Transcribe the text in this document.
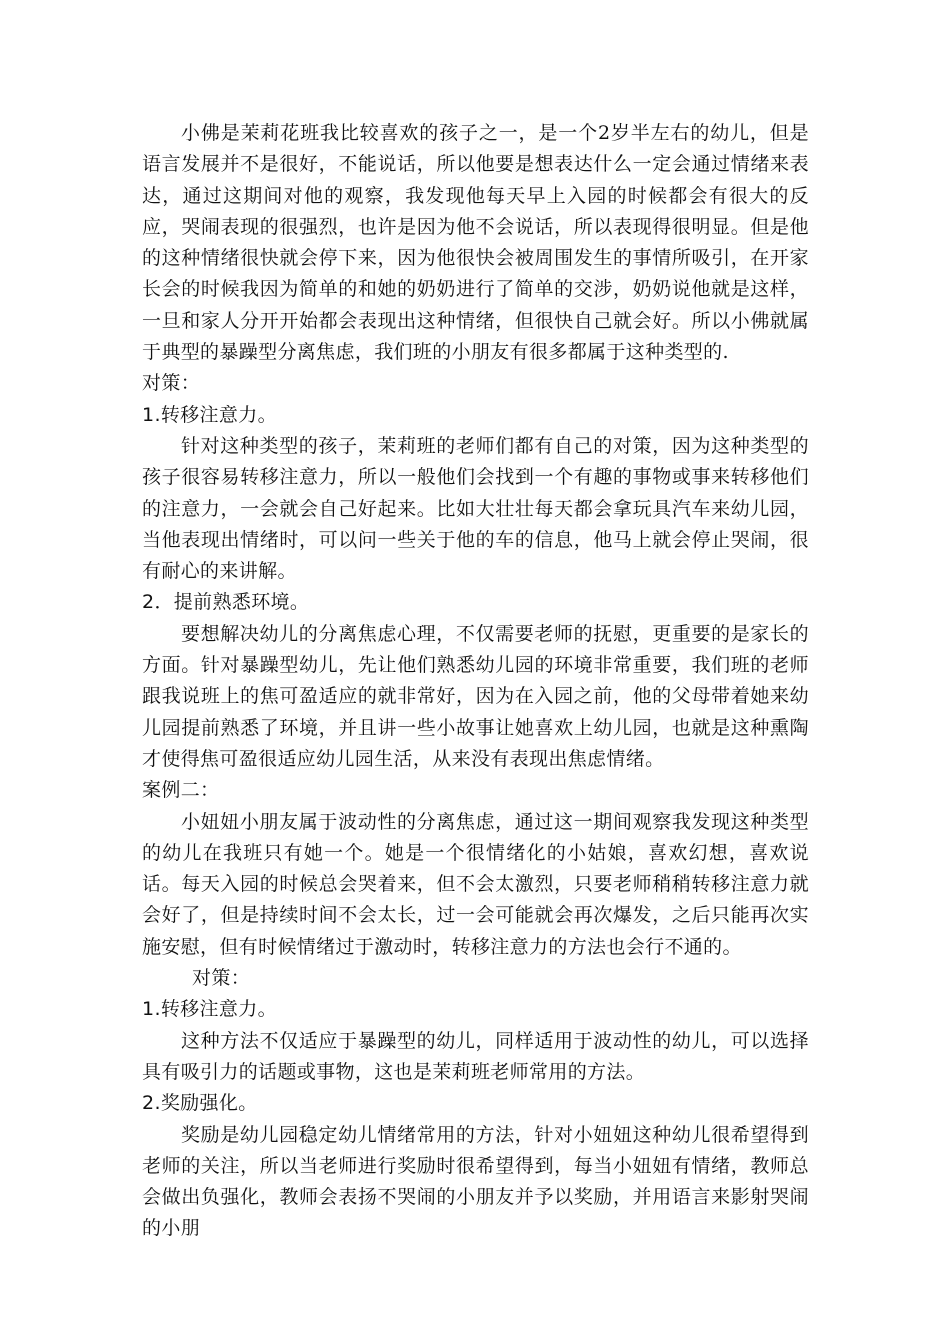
小佛是茉莉花班我比较喜欢的孩子之一，是一个2岁半左右的幼儿，但是语言发展并不是很好，不能说话，所以他要是想表达什么一定会通过情绪来表达，通过这期间对他的观察，我发现他每天早上入园的时候都会有很大的反应，哭闹表现的很强烈，也许是因为他不会说话，所以表现得很明显。但是他的这种情绪很快就会停下来，因为他很快会被周围发生的事情所吸引，在开家长会的时候我因为简单的和她的奶奶进行了简单的交涉，奶奶说他就是这样，一旦和家人分开开始都会表现出这种情绪，但很快自己就会好。所以小佛就属于典型的暴躁型分离焦虑，我们班的小朋友有很多都属于这种类型的.

对策：

1.转移注意力。

针对这种类型的孩子，茉莉班的老师们都有自己的对策，因为这种类型的孩子很容易转移注意力，所以一般他们会找到一个有趣的事物或事来转移他们的注意力，一会就会自己好起来。比如大壮壮每天都会拿玩具汽车来幼儿园，当他表现出情绪时，可以问一些关于他的车的信息，他马上就会停止哭闹，很有耐心的来讲解。

2．提前熟悉环境。

要想解决幼儿的分离焦虑心理，不仅需要老师的抚慰，更重要的是家长的方面。针对暴躁型幼儿，先让他们熟悉幼儿园的环境非常重要，我们班的老师跟我说班上的焦可盈适应的就非常好，因为在入园之前，他的父母带着她来幼儿园提前熟悉了环境，并且讲一些小故事让她喜欢上幼儿园，也就是这种熏陶才使得焦可盈很适应幼儿园生活，从来没有表现出焦虑情绪。

案例二：

小妞妞小朋友属于波动性的分离焦虑，通过这一期间观察我发现这种类型的幼儿在我班只有她一个。她是一个很情绪化的小姑娘，喜欢幻想，喜欢说话。每天入园的时候总会哭着来，但不会太激烈，只要老师稍稍转移注意力就会好了，但是持续时间不会太长，过一会可能就会再次爆发，之后只能再次实施安慰，但有时候情绪过于激动时，转移注意力的方法也会行不通的。

对策：

1.转移注意力。

这种方法不仅适应于暴躁型的幼儿，同样适用于波动性的幼儿，可以选择具有吸引力的话题或事物，这也是茉莉班老师常用的方法。

2.奖励强化。

奖励是幼儿园稳定幼儿情绪常用的方法，针对小妞妞这种幼儿很希望得到老师的关注，所以当老师进行奖励时很希望得到，每当小妞妞有情绪，教师总会做出负强化，教师会表扬不哭闹的小朋友并予以奖励，并用语言来影射哭闹的小朋
